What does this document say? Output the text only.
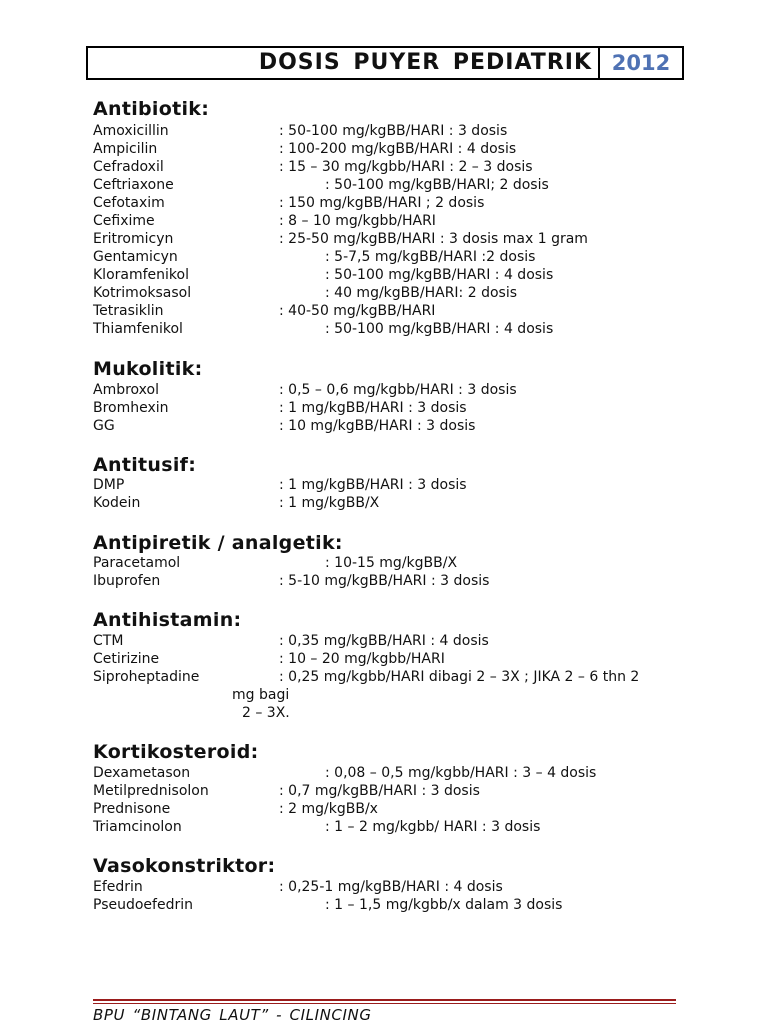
DOSIS PUYER PEDIATRIK 2012
Antibiotik:
Amoxicillin	: 50-100 mg/kgBB/HARI : 3 dosis
Ampicilin	: 100-200 mg/kgBB/HARI : 4 dosis
Cefradoxil	: 15 – 30 mg/kgbb/HARI : 2 – 3 dosis
Ceftriaxone	: 50-100 mg/kgBB/HARI; 2 dosis
Cefotaxim	: 150 mg/kgBB/HARI ; 2 dosis
Cefixime	: 8 – 10 mg/kgbb/HARI
Eritromicyn	: 25-50 mg/kgBB/HARI : 3 dosis max 1 gram
Gentamicyn	: 5-7,5 mg/kgBB/HARI :2 dosis
Kloramfenikol	: 50-100 mg/kgBB/HARI : 4 dosis
Kotrimoksasol	: 40 mg/kgBB/HARI: 2 dosis
Tetrasiklin	: 40-50 mg/kgBB/HARI
Thiamfenikol	: 50-100 mg/kgBB/HARI : 4 dosis
Mukolitik:
Ambroxol	: 0,5 – 0,6 mg/kgbb/HARI : 3 dosis
Bromhexin	: 1 mg/kgBB/HARI : 3 dosis
GG	: 10 mg/kgBB/HARI : 3 dosis
Antitusif:
DMP	: 1 mg/kgBB/HARI : 3 dosis
Kodein	: 1 mg/kgBB/X
Antipiretik / analgetik:
Paracetamol	: 10-15 mg/kgBB/X
Ibuprofen	: 5-10 mg/kgBB/HARI : 3 dosis
Antihistamin:
CTM	: 0,35 mg/kgBB/HARI : 4 dosis
Cetirizine	: 10 – 20 mg/kgbb/HARI
Siproheptadine	: 0,25 mg/kgbb/HARI dibagi 2 – 3X ; JIKA 2 – 6 thn 2
mg bagi
2 – 3X.
Kortikosteroid:
Dexametason	: 0,08 – 0,5 mg/kgbb/HARI : 3 – 4 dosis
Metilprednisolon	: 0,7 mg/kgBB/HARI : 3 dosis
Prednisone	: 2 mg/kgBB/x
Triamcinolon	: 1 – 2 mg/kgbb/ HARI : 3 dosis
Vasokonstriktor:
Efedrin	: 0,25-1 mg/kgBB/HARI : 4 dosis
Pseudoefedrin	: 1 – 1,5 mg/kgbb/x dalam 3 dosis
BPU “BINTANG LAUT” - CILINCING
